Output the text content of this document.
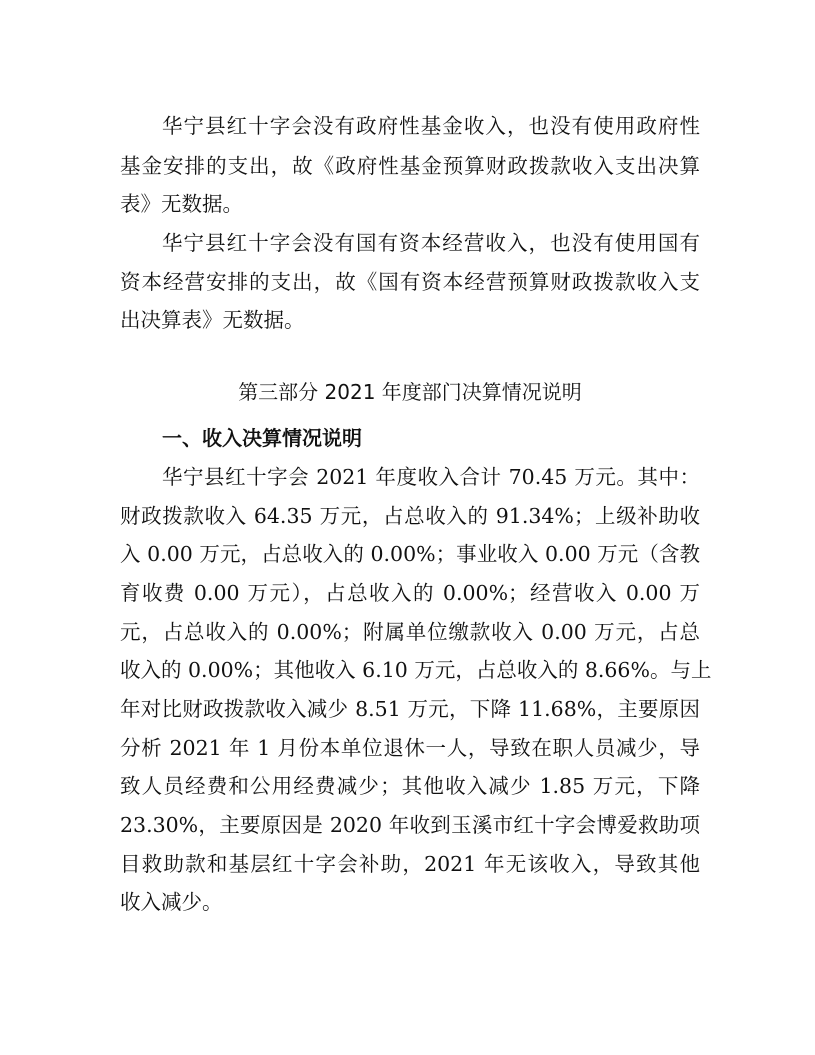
华宁县红十字会没有政府性基金收入，也没有使用政府性
基金安排的支出，故《政府性基金预算财政拨款收入支出决算
表》无数据。
华宁县红十字会没有国有资本经营收入，也没有使用国有
资本经营安排的支出，故《国有资本经营预算财政拨款收入支
出决算表》无数据。
第三部分 2021 年度部门决算情况说明
一、收入决算情况说明
华宁县红十字会 2021 年度收入合计 70.45 万元。其中：
财政拨款收入 64.35 万元，占总收入的 91.34%；上级补助收
入 0.00 万元，占总收入的 0.00%；事业收入 0.00 万元（含教
育收费 0.00 万元），占总收入的 0.00%；经营收入 0.00 万
元，占总收入的 0.00%；附属单位缴款收入 0.00 万元，占总
收入的 0.00%；其他收入 6.10 万元，占总收入的 8.66%。与上
年对比财政拨款收入减少 8.51 万元，下降 11.68%，主要原因
分析 2021 年 1 月份本单位退休一人，导致在职人员减少，导
致人员经费和公用经费减少；其他收入减少 1.85 万元，下降
23.30%，主要原因是 2020 年收到玉溪市红十字会博爱救助项
目救助款和基层红十字会补助，2021 年无该收入，导致其他
收入减少。
